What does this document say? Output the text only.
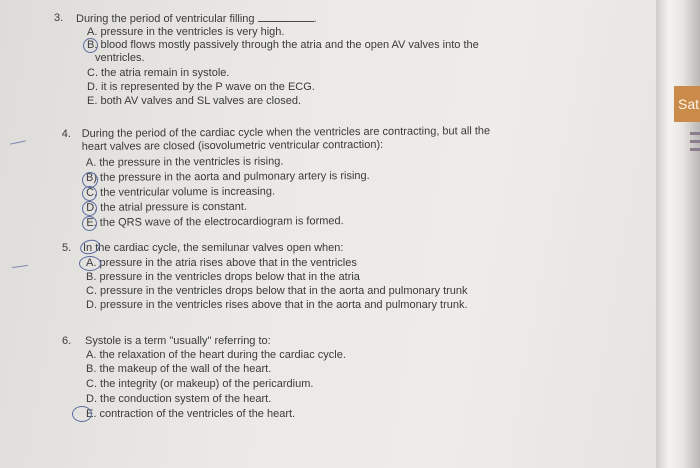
Sat
3. During the period of ventricular filling	.
A. pressure in the ventricles is very high.
B. blood flows mostly passively through the atria and the open AV valves into the
ventricles.
C. the atria remain in systole.
D. it is represented by the P wave on the ECG.
E. both AV valves and SL valves are closed.
4. During the period of the cardiac cycle when the ventricles are contracting, but all the
heart valves are closed (isovolumetric ventricular contraction):
A. the pressure in the ventricles is rising.
B) the pressure in the aorta and pulmonary artery is rising.
C. the ventricular volume is increasing.
D. the atrial pressure is constant.
E. the QRS wave of the electrocardiogram is formed.
5. In the cardiac cycle, the semilunar valves open when:
A. pressure in the atria rises above that in the ventricles
B. pressure in the ventricles drops below that in the atria
C. pressure in the ventricles drops below that in the aorta and pulmonary trunk
D. pressure in the ventricles rises above that in the aorta and pulmonary trunk.
6. Systole is a term "usually" referring to:
A. the relaxation of the heart during the cardiac cycle.
B. the makeup of the wall of the heart.
C. the integrity (or makeup) of the pericardium.
D. the conduction system of the heart.
E. contraction of the ventricles of the heart.
